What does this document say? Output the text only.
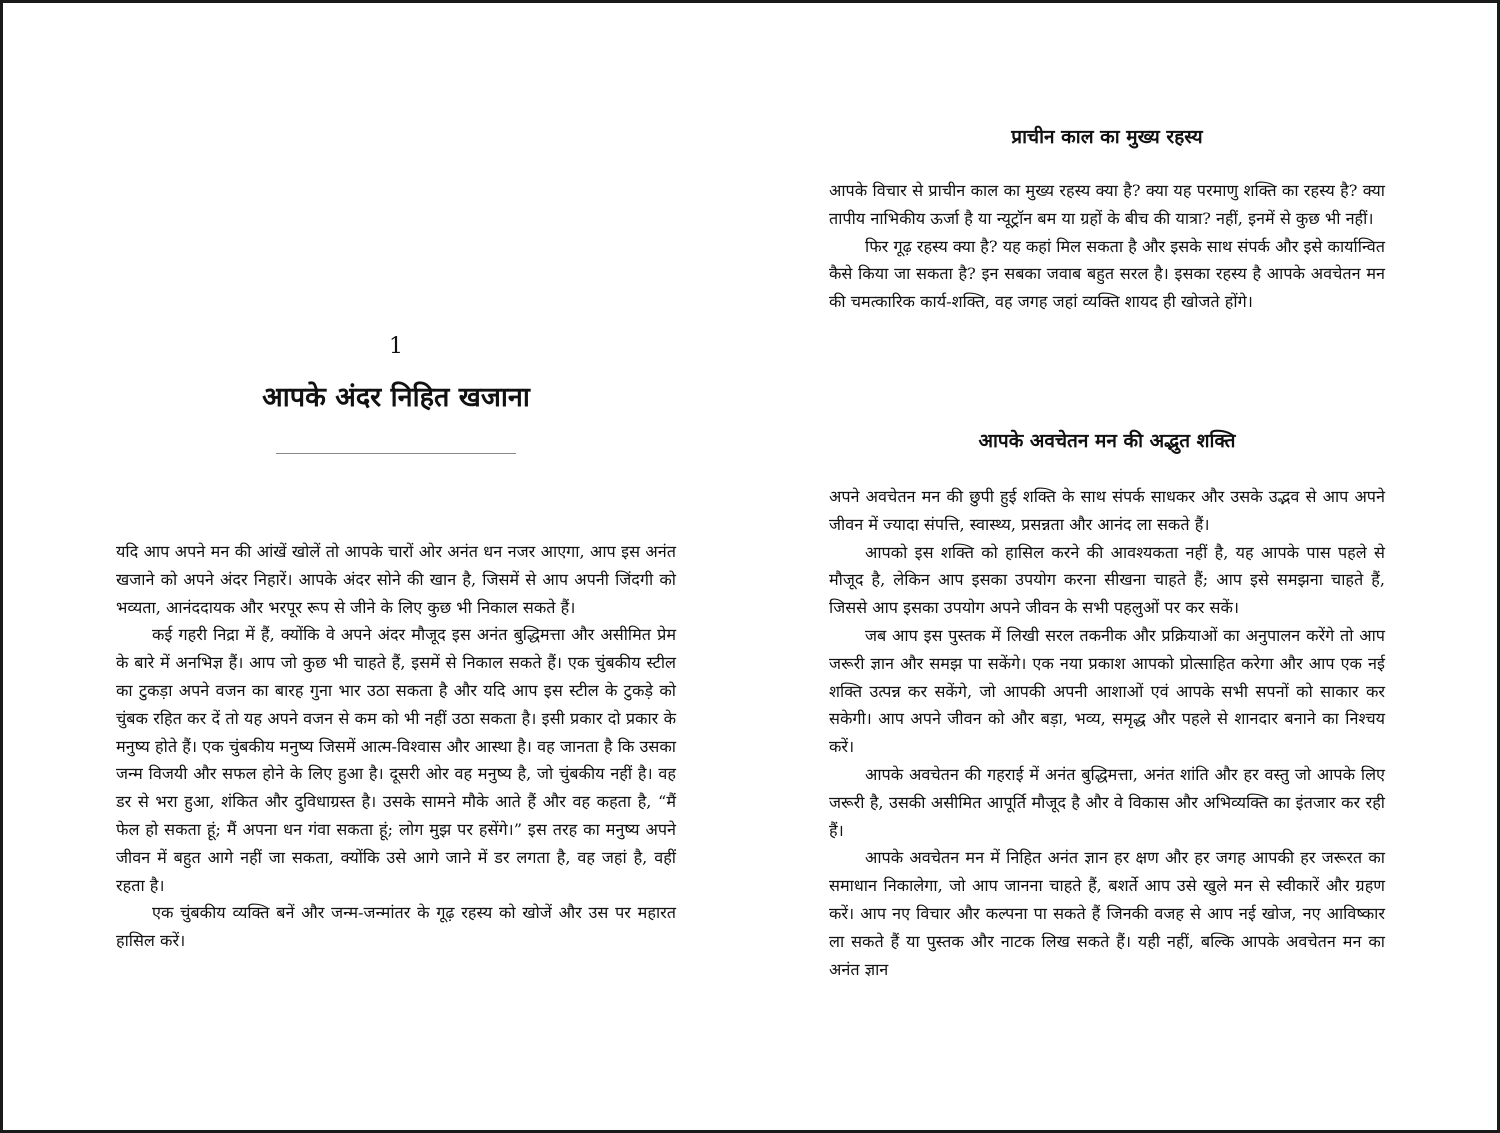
1
आपके अंदर निहित खजाना

यदि आप अपने मन की आंखें खोलें तो आपके चारों ओर अनंत धन नजर आएगा, आप इस अनंत खजाने को अपने अंदर निहारें। आपके अंदर सोने की खान है, जिसमें से आप अपनी जिंदगी को भव्यता, आनंददायक और भरपूर रूप से जीने के लिए कुछ भी निकाल सकते हैं।

कई गहरी निद्रा में हैं, क्योंकि वे अपने अंदर मौजूद इस अनंत बुद्धिमत्ता और असीमित प्रेम के बारे में अनभिज्ञ हैं। आप जो कुछ भी चाहते हैं, इसमें से निकाल सकते हैं। एक चुंबकीय स्टील का टुकड़ा अपने वजन का बारह गुना भार उठा सकता है और यदि आप इस स्टील के टुकड़े को चुंबक रहित कर दें तो यह अपने वजन से कम को भी नहीं उठा सकता है। इसी प्रकार दो प्रकार के मनुष्य होते हैं। एक चुंबकीय मनुष्य जिसमें आत्म-विश्वास और आस्था है। वह जानता है कि उसका जन्म विजयी और सफल होने के लिए हुआ है। दूसरी ओर वह मनुष्य है, जो चुंबकीय नहीं है। वह डर से भरा हुआ, शंकित और दुविधाग्रस्त है। उसके सामने मौके आते हैं और वह कहता है, “मैं फेल हो सकता हूं; मैं अपना धन गंवा सकता हूं; लोग मुझ पर हसेंगे।” इस तरह का मनुष्य अपने जीवन में बहुत आगे नहीं जा सकता, क्योंकि उसे आगे जाने में डर लगता है, वह जहां है, वहीं रहता है।

एक चुंबकीय व्यक्ति बनें और जन्म-जन्मांतर के गूढ़ रहस्य को खोजें और उस पर महारत हासिल करें।

प्राचीन काल का मुख्य रहस्य

आपके विचार से प्राचीन काल का मुख्य रहस्य क्या है? क्या यह परमाणु शक्ति का रहस्य है? क्या तापीय नाभिकीय ऊर्जा है या न्यूट्रॉन बम या ग्रहों के बीच की यात्रा? नहीं, इनमें से कुछ भी नहीं।

फिर गूढ़ रहस्य क्या है? यह कहां मिल सकता है और इसके साथ संपर्क और इसे कार्यान्वित कैसे किया जा सकता है? इन सबका जवाब बहुत सरल है। इसका रहस्य है आपके अवचेतन मन की चमत्कारिक कार्य-शक्ति, वह जगह जहां व्यक्ति शायद ही खोजते होंगे।

आपके अवचेतन मन की अद्भुत शक्ति

अपने अवचेतन मन की छुपी हुई शक्ति के साथ संपर्क साधकर और उसके उद्भव से आप अपने जीवन में ज्यादा संपत्ति, स्वास्थ्य, प्रसन्नता और आनंद ला सकते हैं।

आपको इस शक्ति को हासिल करने की आवश्यकता नहीं है, यह आपके पास पहले से मौजूद है, लेकिन आप इसका उपयोग करना सीखना चाहते हैं; आप इसे समझना चाहते हैं, जिससे आप इसका उपयोग अपने जीवन के सभी पहलुओं पर कर सकें।

जब आप इस पुस्तक में लिखी सरल तकनीक और प्रक्रियाओं का अनुपालन करेंगे तो आप जरूरी ज्ञान और समझ पा सकेंगे। एक नया प्रकाश आपको प्रोत्साहित करेगा और आप एक नई शक्ति उत्पन्न कर सकेंगे, जो आपकी अपनी आशाओं एवं आपके सभी सपनों को साकार कर सकेगी। आप अपने जीवन को और बड़ा, भव्य, समृद्ध और पहले से शानदार बनाने का निश्चय करें।

आपके अवचेतन की गहराई में अनंत बुद्धिमत्ता, अनंत शांति और हर वस्तु जो आपके लिए जरूरी है, उसकी असीमित आपूर्ति मौजूद है और वे विकास और अभिव्यक्ति का इंतजार कर रही हैं।

आपके अवचेतन मन में निहित अनंत ज्ञान हर क्षण और हर जगह आपकी हर जरूरत का समाधान निकालेगा, जो आप जानना चाहते हैं, बशर्ते आप उसे खुले मन से स्वीकारें और ग्रहण करें। आप नए विचार और कल्पना पा सकते हैं जिनकी वजह से आप नई खोज, नए आविष्कार ला सकते हैं या पुस्तक और नाटक लिख सकते हैं। यही नहीं, बल्कि आपके अवचेतन मन का अनंत ज्ञान
